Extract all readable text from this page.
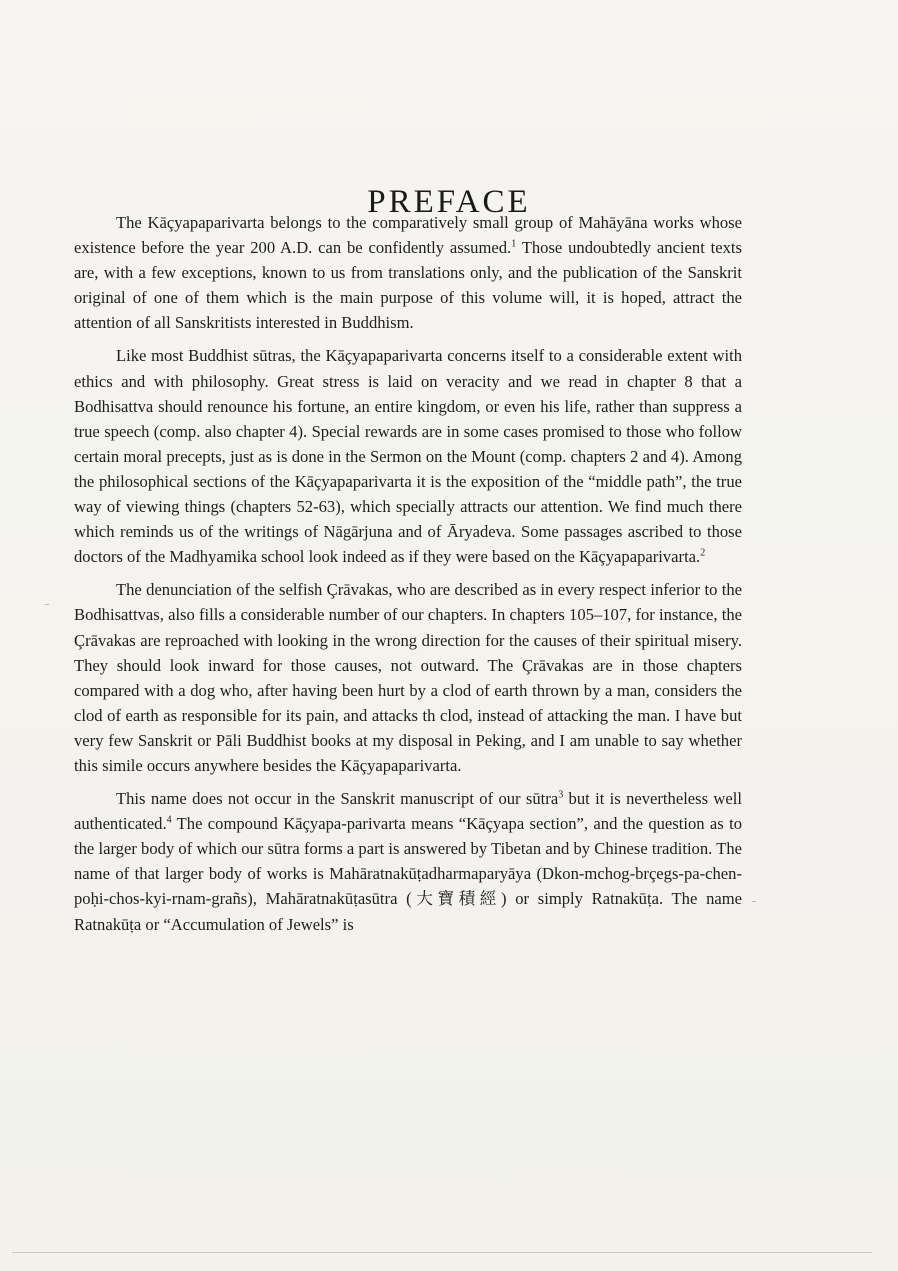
PREFACE

The Kāçyapaparivarta belongs to the comparatively small group of Mahāyāna works whose existence before the year 200 A.D. can be confidently assumed.$^1$ Those undoubtedly ancient texts are, with a few exceptions, known to us from translations only, and the publication of the Sanskrit original of one of them which is the main purpose of this volume will, it is hoped, attract the attention of all Sanskritists interested in Buddhism.

Like most Buddhist sūtras, the Kāçyapaparivarta concerns itself to a considerable extent with ethics and with philosophy. Great stress is laid on veracity and we read in chapter 8 that a Bodhisattva should renounce his fortune, an entire kingdom, or even his life, rather than suppress a true speech (comp. also chapter 4). Special rewards are in some cases promised to those who follow certain moral precepts, just as is done in the Sermon on the Mount (comp. chapters 2 and 4). Among the philosophical sections of the Kāçyapaparivarta it is the exposition of the “middle path”, the true way of viewing things (chapters 52-63), which specially attracts our attention. We find much there which reminds us of the writings of Nāgārjuna and of Āryadeva. Some passages ascribed to those doctors of the Madhyamika school look indeed as if they were based on the Kāçyapaparivarta.$^2$

The denunciation of the selfish Çrāvakas, who are described as in every respect inferior to the Bodhisattvas, also fills a considerable number of our chapters. In chapters 105–107, for instance, the Çrāvakas are reproached with looking in the wrong direction for the causes of their spiritual misery. They should look inward for those causes, not outward. The Çrāvakas are in those chapters compared with a dog who, after having been hurt by a clod of earth thrown by a man, considers the clod of earth as responsible for its pain, and attacks th clod, instead of attacking the man. I have but very few Sanskrit or Pāli Buddhist books at my disposal in Peking, and I am unable to say whether this simile occurs anywhere besides the Kāçyapaparivarta.

This name does not occur in the Sanskrit manuscript of our sūtra$^3$ but it is nevertheless well authenticated.$^4$ The compound Kāçyapa-parivarta means “Kāçyapa section”, and the question as to the larger body of which our sūtra forms a part is answered by Tibetan and by Chinese tradition. The name of that larger body of works is Mahāratnakūṭadharmaparyāya (Dkon-mchog-brçegs-pa-chen-poḥi-chos-kyi-rnam-grañs), Mahāratnakūṭasūtra (大寶積經) or simply Ratnakūṭa. The name Ratnakūṭa or “Accumulation of Jewels” is
